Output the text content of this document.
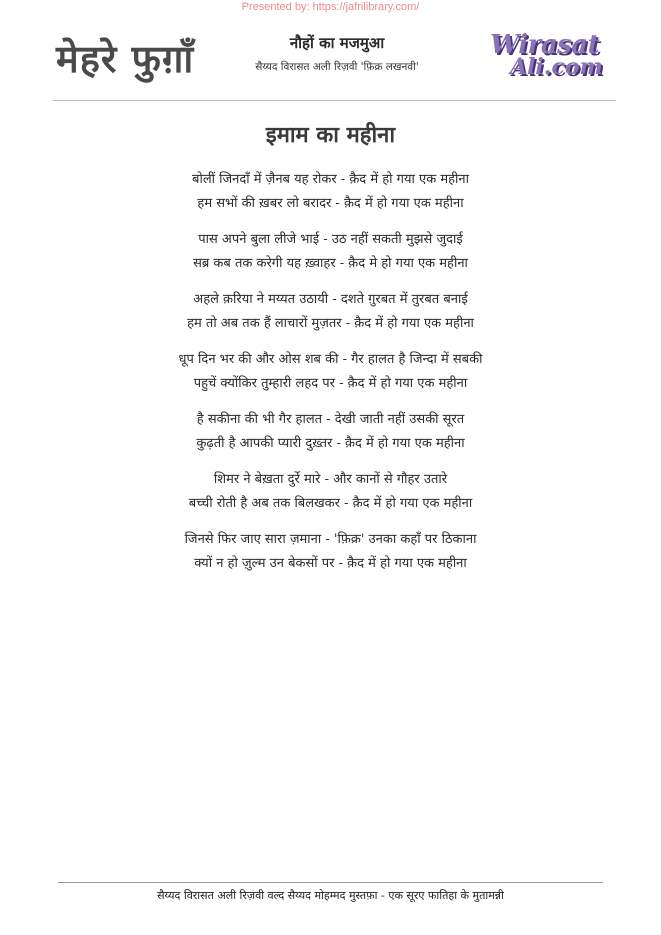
Presented by: https://jafrilibrary.com/
मेहरे फुग़ाँ	नौहों का मजमुआ
सैय्यद विरासत अली रिज़वी 'फ़िक्र लखनवी'
Wirasat
Ali.com
इमाम का महीना
बोलीं जिनदाँ में ज़ैनब यह रोकर - क़ैद में हो गया एक महीना
हम सभों की ख़बर लो बरादर - क़ैद में हो गया एक महीना
पास अपने बुला लीजे भाई - उठ नहीं सकती मुझसे जुदाई
सब्र कब तक करेगी यह ख़्वाहर - क़ैद मे हो गया एक महीना
अहले क़रिया ने मय्यत उठायी - दशते ग़ुरबत में तुरबत बनाई
हम तो अब तक हैं लाचारों मुज़तर - क़ैद में हो गया एक महीना
धूप दिन भर की और ओस शब की - गैर हालत है जिन्दा में सबकी
पहुचें क्योंकिर तुम्हारी लहद पर - क़ैद में हो गया एक महीना
है सकीना की भी गैर हालत - देखी जाती नहीं उसकी सूरत
कुढ़ती है आपकी प्यारी दुख़्तर - क़ैद में हो गया एक महीना
शिमर ने बेख़ता दुर्रे मारे - और कानों से गौहर उतारे
बच्ची रोती है अब तक बिलखकर - क़ैद में हो गया एक महीना
जिनसे फिर जाए सारा ज़माना - 'फ़िक्र' उनका कहाँ पर ठिकाना
क्यों न हो ज़ुल्म उन बेकसों पर - क़ैद में हो गया एक महीना
सैय्यद विरासत अली रिज़वी वल्द सैय्यद मोहम्मद मुस्तफ़ा - एक सूरए फातिहा के मुतामन्नी
